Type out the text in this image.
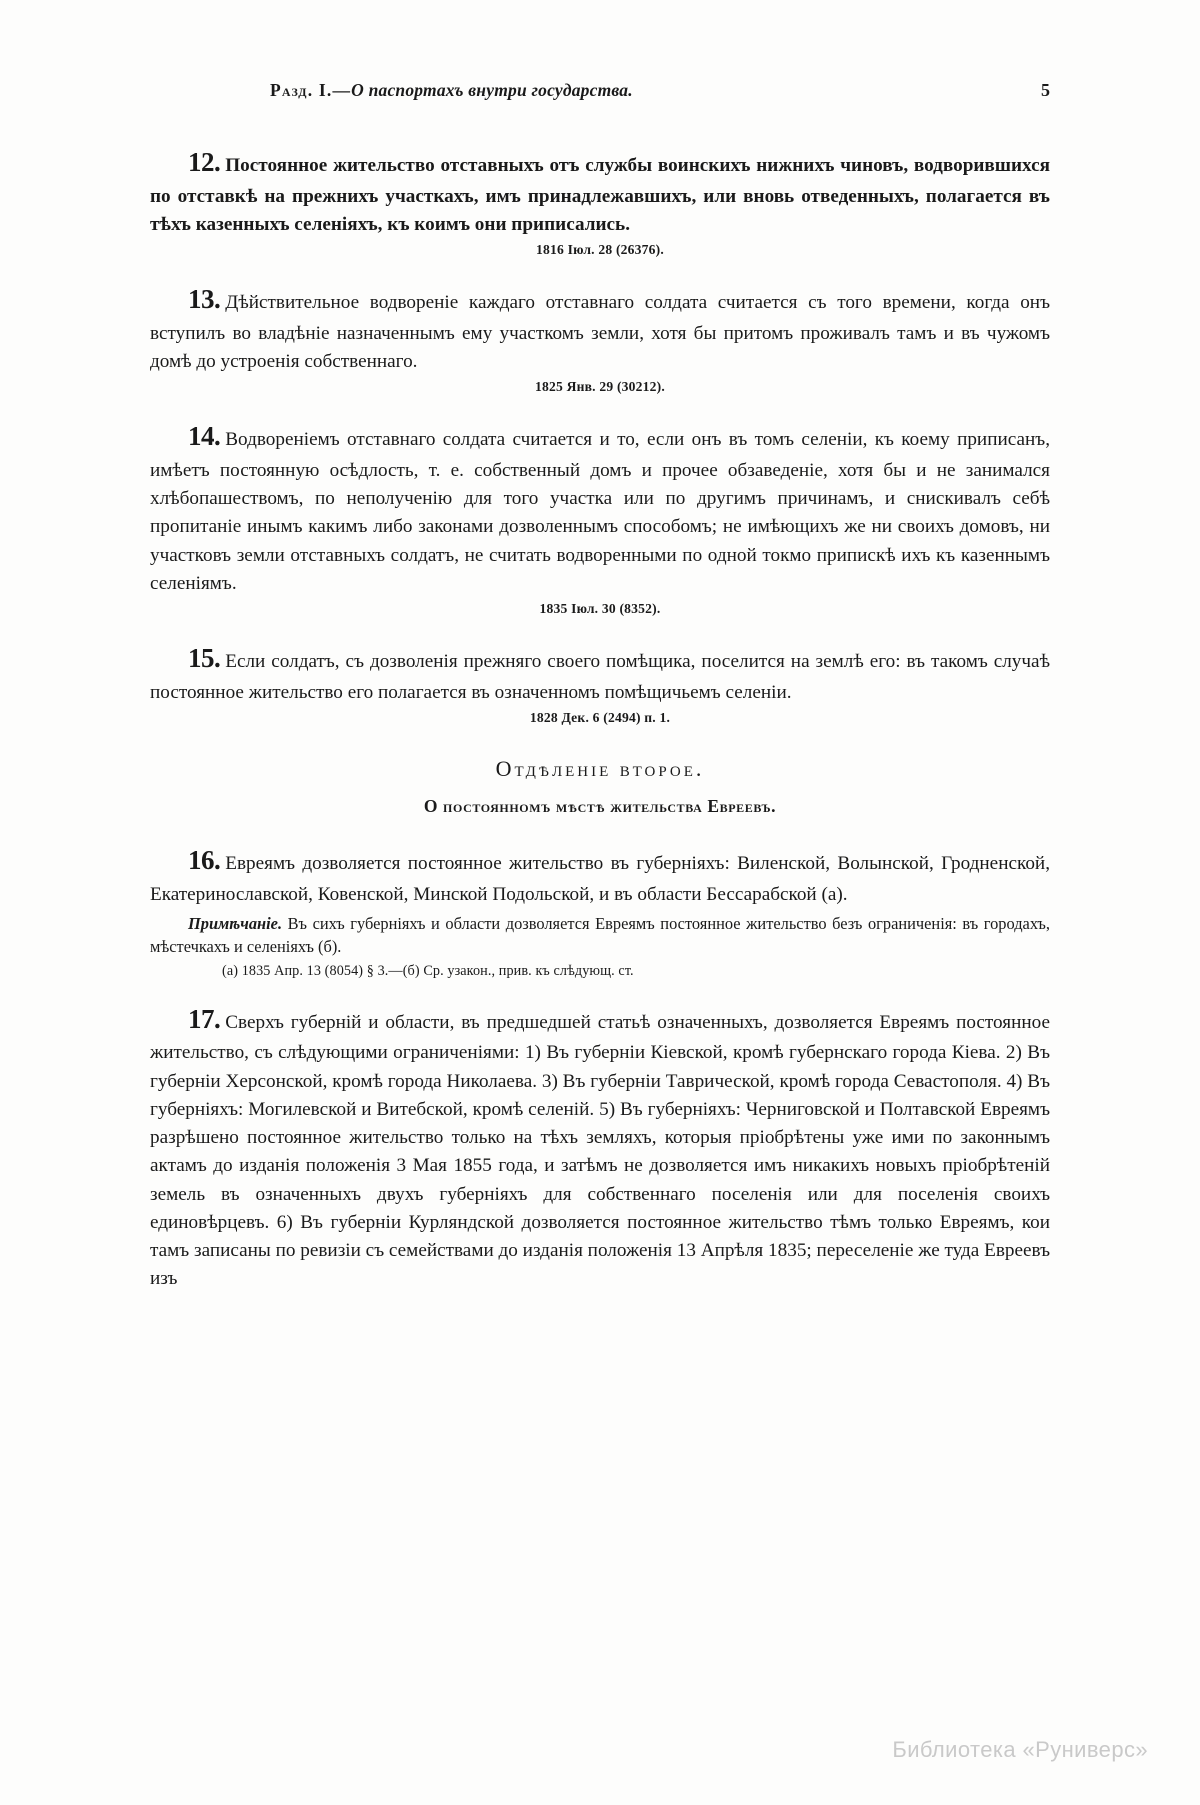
Разд. I.—О паспортахъ внутри государства.	5
12. Постоянное жительство отставныхъ отъ службы воинскихъ нижнихъ чиновъ, водворившихся по отставкѣ на прежнихъ участкахъ, имъ принадлежавшихъ, или вновь отведенныхъ, полагается въ тѣхъ казенныхъ селеніяхъ, къ коимъ они приписались.
1816 Іюл. 28 (26376).
13. Дѣйствительное водвореніе каждаго отставнаго солдата считается съ того времени, когда онъ вступилъ во владѣніе назначеннымъ ему участкомъ земли, хотя бы притомъ проживалъ тамъ и въ чужомъ домѣ до устроенія собственнаго.
1825 Янв. 29 (30212).
14. Водвореніемъ отставнаго солдата считается и то, если онъ въ томъ селеніи, къ коему приписанъ, имѣетъ постоянную осѣдлость, т. е. собственный домъ и прочее обзаведеніе, хотя бы и не занимался хлѣбопашествомъ, по неполученію для того участка или по другимъ причинамъ, и снискивалъ себѣ пропитаніе инымъ какимъ либо законами дозволеннымъ способомъ; не имѣющихъ же ни своихъ домовъ, ни участковъ земли отставныхъ солдатъ, не считать водворенными по одной токмо припискѣ ихъ къ казеннымъ селеніямъ.
1835 Іюл. 30 (8352).
15. Если солдатъ, съ дозволенія прежняго своего помѣщика, поселится на землѣ его: въ такомъ случаѣ постоянное жительство его полагается въ означенномъ помѣщичьемъ селеніи.
1828 Дек. 6 (2494) п. 1.
Отдѣленіе второе.
О постоянномъ мѣстѣ жительства Евреевъ.
16. Евреямъ дозволяется постоянное жительство въ губерніяхъ: Виленской, Волынской, Гродненской, Екатеринославской, Ковенской, Минской Подольской, и въ области Бессарабской (а).
Примѣчаніе. Въ сихъ губерніяхъ и области дозволяется Евреямъ постоянное жительство безъ ограниченія: въ городахъ, мѣстечкахъ и селеніяхъ (б).
(а) 1835 Апр. 13 (8054) § 3.—(б) Ср. узакон., прив. къ слѣдующ. ст.
17. Сверхъ губерній и области, въ предшедшей статьѣ означенныхъ, дозволяется Евреямъ постоянное жительство, съ слѣдующими ограниченіями: 1) Въ губерніи Кіевской, кромѣ губернскаго города Кіева. 2) Въ губерніи Херсонской, кромѣ города Николаева. 3) Въ губерніи Таврической, кромѣ города Севастополя. 4) Въ губерніяхъ: Могилевской и Витебской, кромѣ селеній. 5) Въ губерніяхъ: Черниговской и Полтавской Евреямъ разрѣшено постоянное жительство только на тѣхъ земляхъ, которыя пріобрѣтены уже ими по законнымъ актамъ до изданія положенія 3 Мая 1855 года, и затѣмъ не дозволяется имъ никакихъ новыхъ пріобрѣтеній земель въ означенныхъ двухъ губерніяхъ для собственнаго поселенія или для поселенія своихъ единовѣрцевъ. 6) Въ губерніи Курляндской дозволяется постоянное жительство тѣмъ только Евреямъ, кои тамъ записаны по ревизіи съ семействами до изданія положенія 13 Апрѣля 1835; переселеніе же туда Евреевъ изъ
Библиотека «Руниверс»
